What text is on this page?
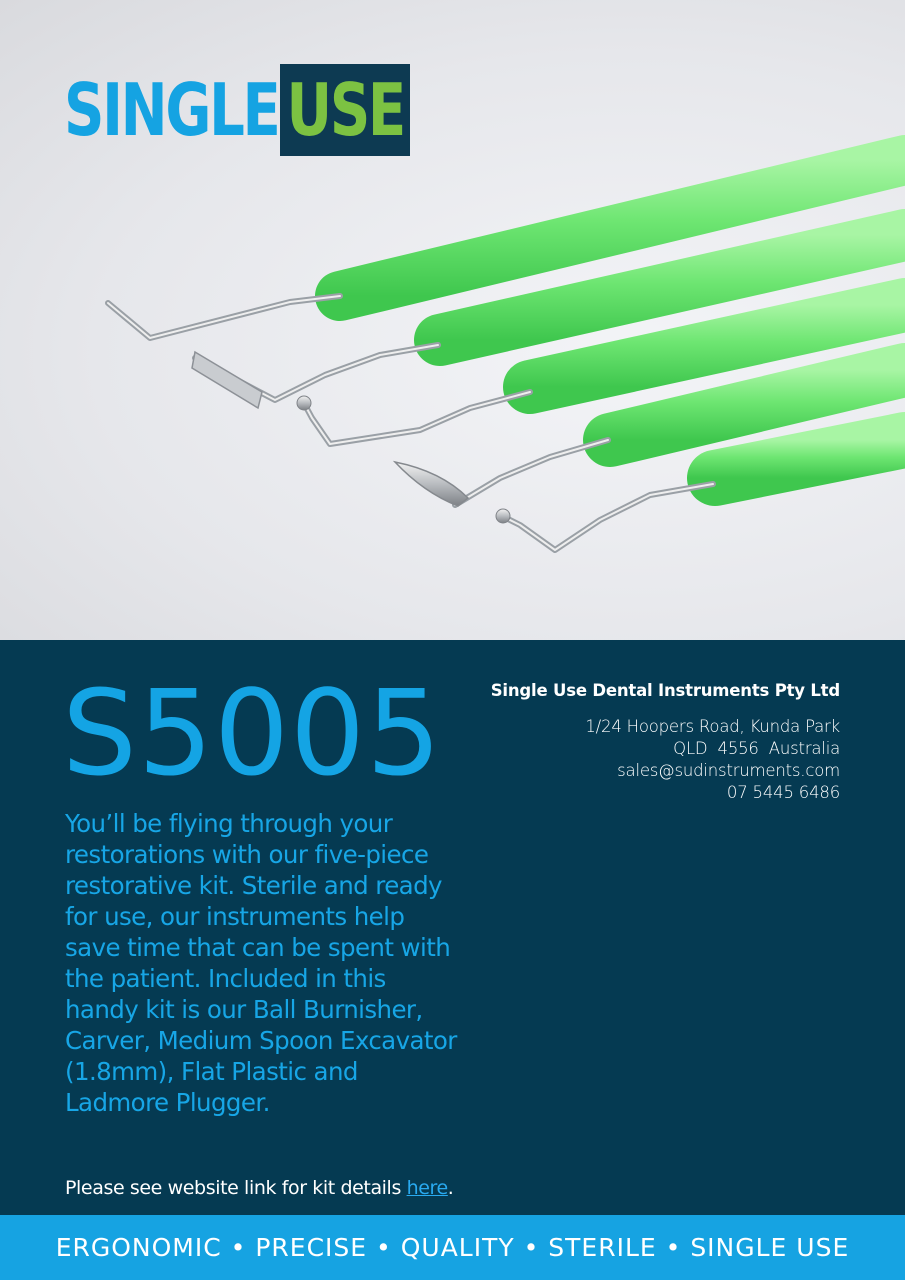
SINGLE USE
S5005

You’ll be flying through your restorations with our five-piece restorative kit. Sterile and ready for use, our instruments help save time that can be spent with the patient. Included in this handy kit is our Ball Burnisher, Carver, Medium Spoon Excavator (1.8mm), Flat Plastic and Ladmore Plugger.

Single Use Dental Instruments Pty Ltd
1/24 Hoopers Road, Kunda Park
QLD  4556  Australia
sales@sudinstruments.com
07 5445 6486
Please see website link for kit details here.
ERGONOMIC • PRECISE • QUALITY • STERILE • SINGLE USE
